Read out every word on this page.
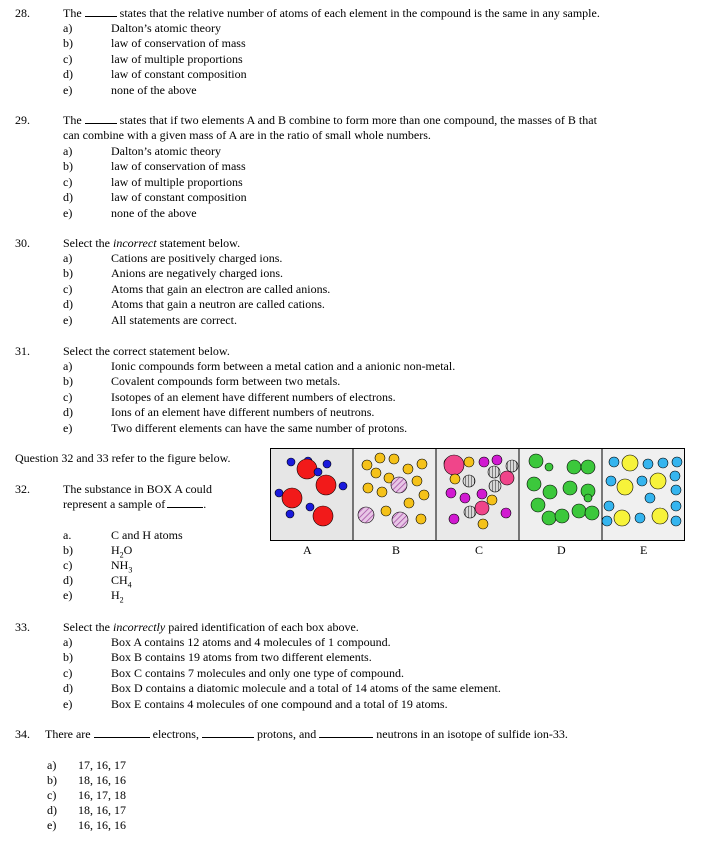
28.	The	states that the relative number of atoms of each element in the compound is the same in any sample.
a)	Dalton’s atomic theory
b)	law of conservation of mass
c)	law of multiple proportions
d)	law of constant composition
e)	none of the above
29.	The	states that if two elements A and B combine to form more than one compound, the masses of B that
can combine with a given mass of A are in the ratio of small whole numbers.
a)	Dalton’s atomic theory
b)	law of conservation of mass
c)	law of multiple proportions
d)	law of constant composition
e)	none of the above
30.	Select the incorrect statement below.
a)	Cations are positively charged ions.
b)	Anions are negatively charged ions.
c)	Atoms that gain an electron are called anions.
d)	Atoms that gain a neutron are called cations.
e)	All statements are correct.
31.	Select the correct statement below.
a)	Ionic compounds form between a metal cation and a anionic non-metal.
b)	Covalent compounds form between two metals.
c)	Isotopes of an element have different numbers of electrons.
d)	Ions of an element have different numbers of neutrons.
e)	Two different elements can have the same number of protons.
Question 32 and 33 refer to the figure below.
A	B	C	D	E
32.	The substance in BOX A could
represent a sample of	.
a.	C and H atoms
b)	$H_2O$
c)	$NH_3$
d)	$CH_4$
e)	$H_2$
33.	Select the incorrectly paired identification of each box above.
a)	Box A contains 12 atoms and 4 molecules of 1 compound.
b)	Box B contains 19 atoms from two different elements.
c)	Box C contains 7 molecules and only one type of compound.
d)	Box D contains a diatomic molecule and a total of 14 atoms of the same element.
e)	Box E contains 4 molecules of one compound and a total of 19 atoms.
34. There are	electrons,	protons, and	neutrons in an isotope of sulfide ion-33.
a) 17, 16, 17
b) 18, 16, 16
c) 16, 17, 18
d) 18, 16, 17
e) 16, 16, 16
